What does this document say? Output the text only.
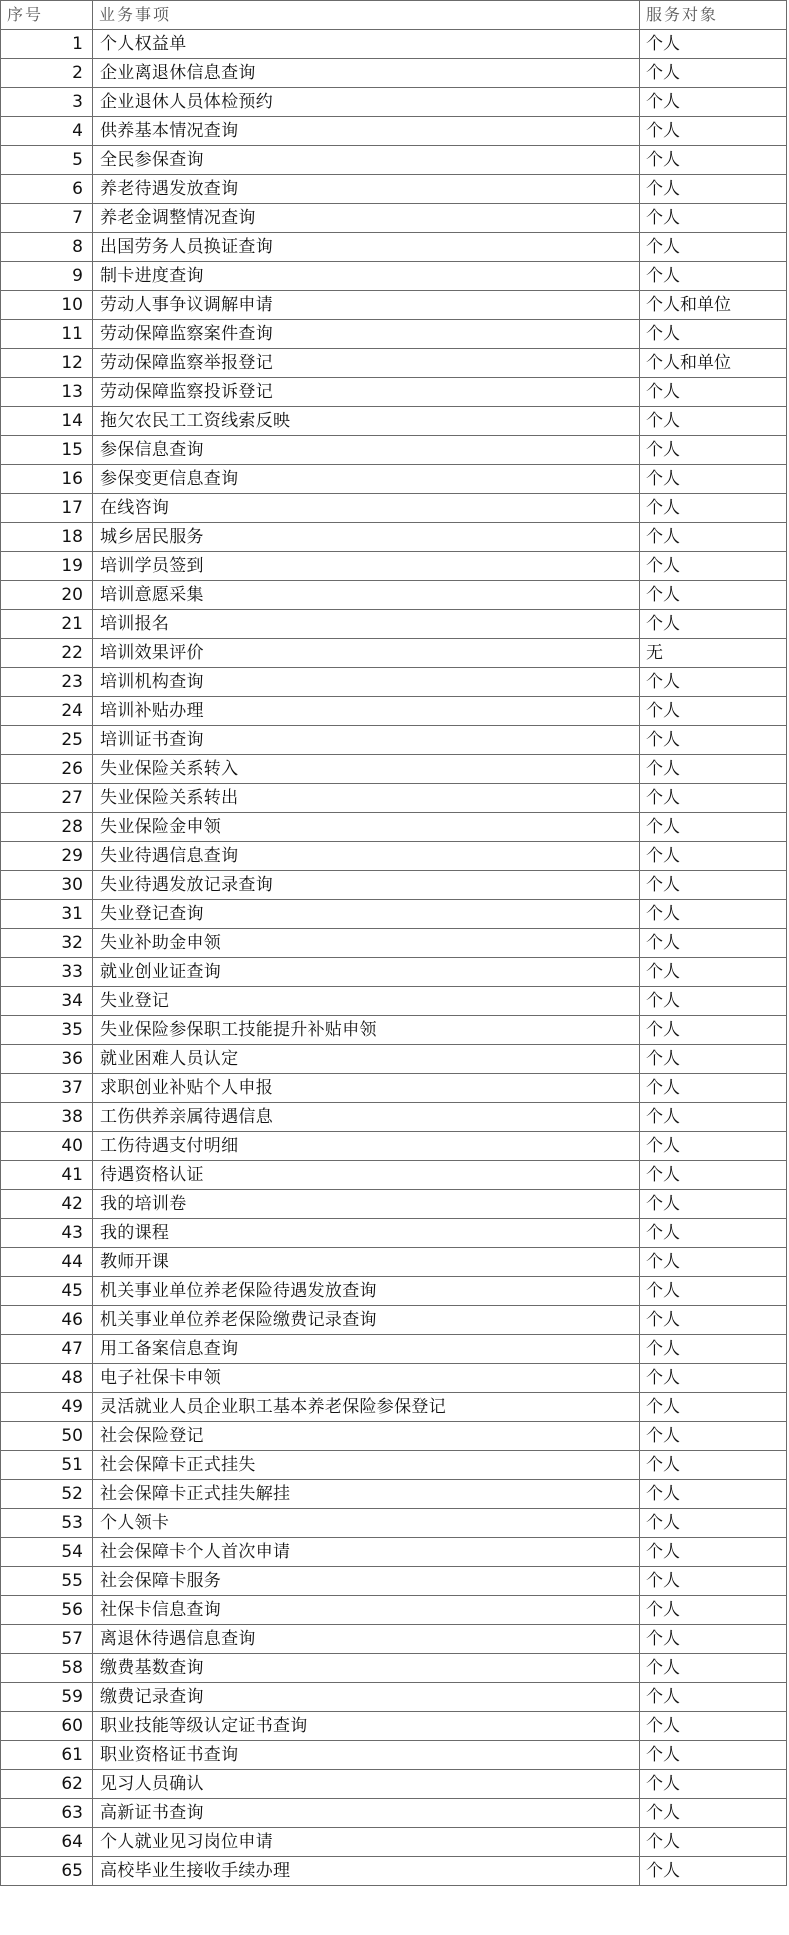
序号	业务事项	服务对象
1	个人权益单	个人
2	企业离退休信息查询	个人
3	企业退休人员体检预约	个人
4	供养基本情况查询	个人
5	全民参保查询	个人
6	养老待遇发放查询	个人
7	养老金调整情况查询	个人
8	出国劳务人员换证查询	个人
9	制卡进度查询	个人
10	劳动人事争议调解申请	个人和单位
11	劳动保障监察案件查询	个人
12	劳动保障监察举报登记	个人和单位
13	劳动保障监察投诉登记	个人
14	拖欠农民工工资线索反映	个人
15	参保信息查询	个人
16	参保变更信息查询	个人
17	在线咨询	个人
18	城乡居民服务	个人
19	培训学员签到	个人
20	培训意愿采集	个人
21	培训报名	个人
22	培训效果评价	无
23	培训机构查询	个人
24	培训补贴办理	个人
25	培训证书查询	个人
26	失业保险关系转入	个人
27	失业保险关系转出	个人
28	失业保险金申领	个人
29	失业待遇信息查询	个人
30	失业待遇发放记录查询	个人
31	失业登记查询	个人
32	失业补助金申领	个人
33	就业创业证查询	个人
34	失业登记	个人
35	失业保险参保职工技能提升补贴申领	个人
36	就业困难人员认定	个人
37	求职创业补贴个人申报	个人
38	工伤供养亲属待遇信息	个人
40	工伤待遇支付明细	个人
41	待遇资格认证	个人
42	我的培训卷	个人
43	我的课程	个人
44	教师开课	个人
45	机关事业单位养老保险待遇发放查询	个人
46	机关事业单位养老保险缴费记录查询	个人
47	用工备案信息查询	个人
48	电子社保卡申领	个人
49	灵活就业人员企业职工基本养老保险参保登记	个人
50	社会保险登记	个人
51	社会保障卡正式挂失	个人
52	社会保障卡正式挂失解挂	个人
53	个人领卡	个人
54	社会保障卡个人首次申请	个人
55	社会保障卡服务	个人
56	社保卡信息查询	个人
57	离退休待遇信息查询	个人
58	缴费基数查询	个人
59	缴费记录查询	个人
60	职业技能等级认定证书查询	个人
61	职业资格证书查询	个人
62	见习人员确认	个人
63	高新证书查询	个人
64	个人就业见习岗位申请	个人
65	高校毕业生接收手续办理	个人
